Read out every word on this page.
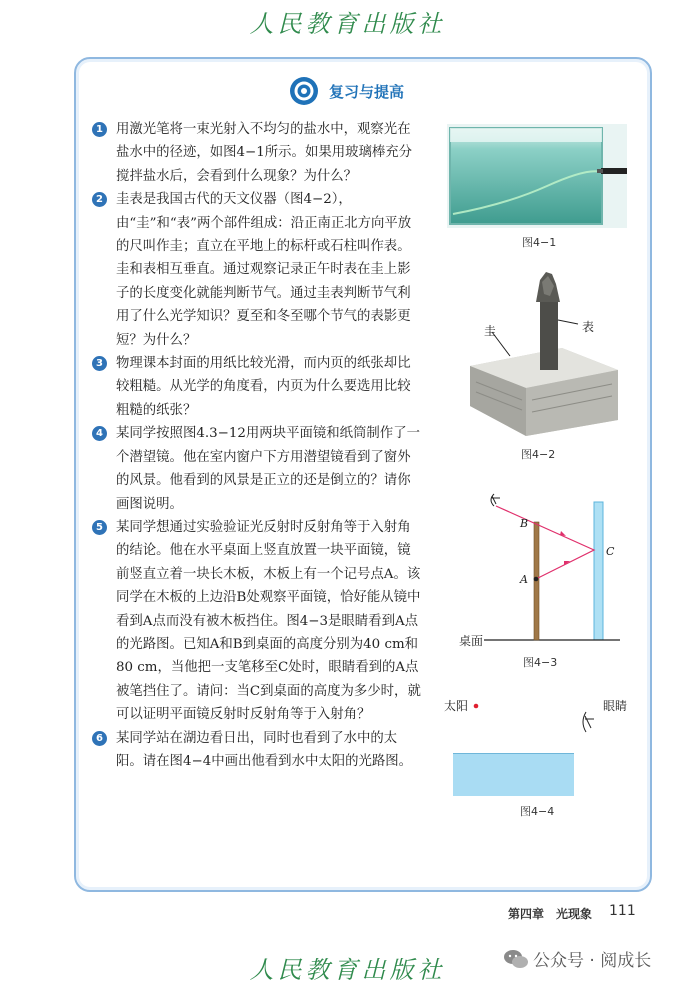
人民教育出版社
复习与提高
1 用激光笔将一束光射入不均匀的盐水中，观察光在盐水中的径迹，如图4−1所示。如果用玻璃棒充分搅拌盐水后，会看到什么现象？为什么？
2 圭表是我国古代的天文仪器（图4−2），由“圭”和“表”两个部件组成：沿正南正北方向平放的尺叫作圭；直立在平地上的标杆或石柱叫作表。圭和表相互垂直。通过观察记录正午时表在圭上影子的长度变化就能判断节气。通过圭表判断节气利用了什么光学知识？夏至和冬至哪个节气的表影更短？为什么？
3 物理课本封面的用纸比较光滑，而内页的纸张却比较粗糙。从光学的角度看，内页为什么要选用比较粗糙的纸张？
4 某同学按照图4.3−12用两块平面镜和纸筒制作了一个潜望镜。他在室内窗户下方用潜望镜看到了窗外的风景。他看到的风景是正立的还是倒立的？请你画图说明。
5 某同学想通过实验验证光反射时反射角等于入射角的结论。他在水平桌面上竖直放置一块平面镜，镜前竖直立着一块长木板，木板上有一个记号点A。该同学在木板的上边沿B处观察平面镜，恰好能从镜中看到A点而没有被木板挡住。图4−3是眼睛看到A点的光路图。已知A和B到桌面的高度分别为40 cm和80 cm，当他把一支笔移至C处时，眼睛看到的A点被笔挡住了。请问：当C到桌面的高度为多少时，就可以证明平面镜反射时反射角等于入射角？
6 某同学站在湖边看日出，同时也看到了水中的太阳。请在图4−4中画出他看到水中太阳的光路图。
图4−1
圭	表
图4−2
B
A
C
桌面
图4−3
太阳	眼睛
图4−4
第四章　光现象 111
人民教育出版社	公众号 · 阅成长
